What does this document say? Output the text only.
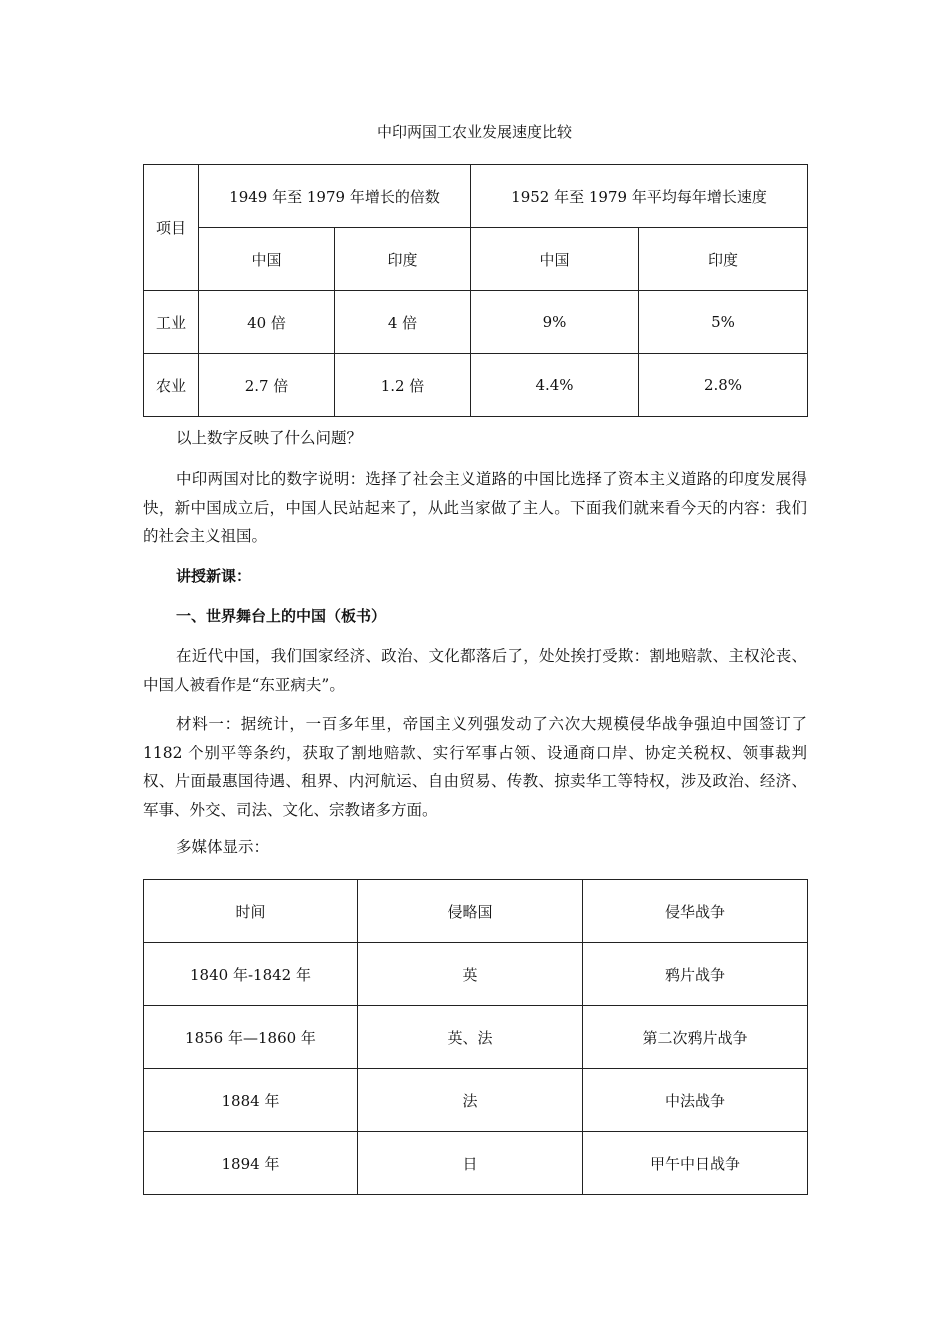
中印两国工农业发展速度比较
项目	1949 年至 1979 年增长的倍数		1952 年至 1979 年平均每年增长速度	
	中国	印度	中国	印度
工业	40 倍	4 倍	9%	5%
农业	2.7 倍	1.2 倍	4.4%	2.8%
以上数字反映了什么问题？
中印两国对比的数字说明：选择了社会主义道路的中国比选择了资本主义道路的印度发展得快，新中国成立后，中国人民站起来了，从此当家做了主人。下面我们就来看今天的内容：我们的社会主义祖国。
讲授新课：
一、世界舞台上的中国（板书）
在近代中国，我们国家经济、政治、文化都落后了，处处挨打受欺：割地赔款、主权沦丧、中国人被看作是“东亚病夫”。
材料一：据统计，一百多年里，帝国主义列强发动了六次大规模侵华战争强迫中国签订了 1182 个别平等条约，获取了割地赔款、实行军事占领、设通商口岸、协定关税权、领事裁判权、片面最惠国待遇、租界、内河航运、自由贸易、传教、掠卖华工等特权，涉及政治、经济、军事、外交、司法、文化、宗教诸多方面。
多媒体显示：
时间	侵略国	侵华战争
1840 年-1842 年	英	鸦片战争
1856 年—1860 年	英、法	第二次鸦片战争
1884 年	法	中法战争
1894 年	日	甲午中日战争
